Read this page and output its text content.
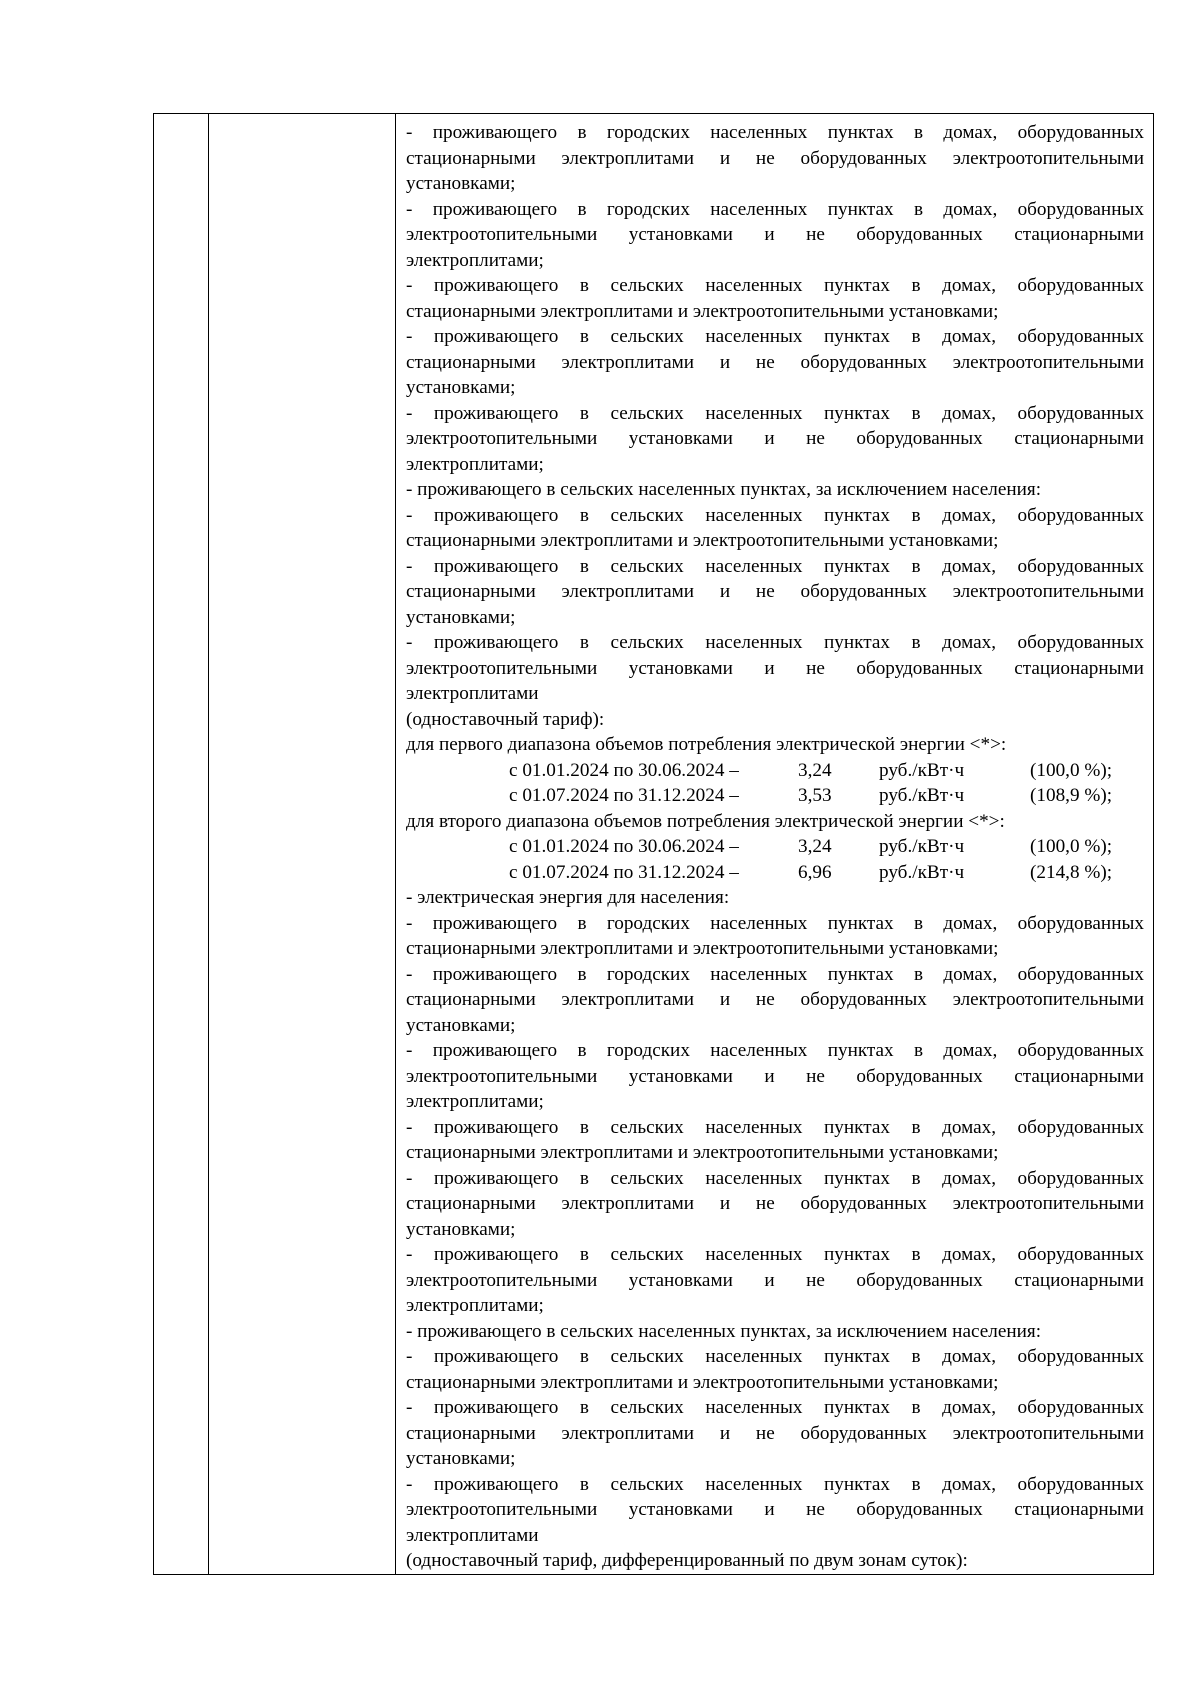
- проживающего в городских населенных пунктах в домах, оборудованных
стационарными электроплитами и не оборудованных электроотопительными
установками;
- проживающего в городских населенных пунктах в домах, оборудованных
электроотопительными установками и не оборудованных стационарными
электроплитами;
- проживающего в сельских населенных пунктах в домах, оборудованных
стационарными электроплитами и электроотопительными установками;
- проживающего в сельских населенных пунктах в домах, оборудованных
стационарными электроплитами и не оборудованных электроотопительными
установками;
- проживающего в сельских населенных пунктах в домах, оборудованных
электроотопительными установками и не оборудованных стационарными
электроплитами;
- проживающего в сельских населенных пунктах, за исключением населения:
- проживающего в сельских населенных пунктах в домах, оборудованных
стационарными электроплитами и электроотопительными установками;
- проживающего в сельских населенных пунктах в домах, оборудованных
стационарными электроплитами и не оборудованных электроотопительными
установками;
- проживающего в сельских населенных пунктах в домах, оборудованных
электроотопительными установками и не оборудованных стационарными
электроплитами
(одноставочный тариф):
для первого диапазона объемов потребления электрической энергии <*>:
с 01.01.2024 по 30.06.2024 –	3,24	руб./кВт·ч	(100,0 %);
с 01.07.2024 по 31.12.2024 –	3,53	руб./кВт·ч	(108,9 %);
для второго диапазона объемов потребления электрической энергии <*>:
с 01.01.2024 по 30.06.2024 –	3,24	руб./кВт·ч	(100,0 %);
с 01.07.2024 по 31.12.2024 –	6,96	руб./кВт·ч	(214,8 %);
- электрическая энергия для населения:
- проживающего в городских населенных пунктах в домах, оборудованных
стационарными электроплитами и электроотопительными установками;
- проживающего в городских населенных пунктах в домах, оборудованных
стационарными электроплитами и не оборудованных электроотопительными
установками;
- проживающего в городских населенных пунктах в домах, оборудованных
электроотопительными установками и не оборудованных стационарными
электроплитами;
- проживающего в сельских населенных пунктах в домах, оборудованных
стационарными электроплитами и электроотопительными установками;
- проживающего в сельских населенных пунктах в домах, оборудованных
стационарными электроплитами и не оборудованных электроотопительными
установками;
- проживающего в сельских населенных пунктах в домах, оборудованных
электроотопительными установками и не оборудованных стационарными
электроплитами;
- проживающего в сельских населенных пунктах, за исключением населения:
- проживающего в сельских населенных пунктах в домах, оборудованных
стационарными электроплитами и электроотопительными установками;
- проживающего в сельских населенных пунктах в домах, оборудованных
стационарными электроплитами и не оборудованных электроотопительными
установками;
- проживающего в сельских населенных пунктах в домах, оборудованных
электроотопительными установками и не оборудованных стационарными
электроплитами
(одноставочный тариф, дифференцированный по двум зонам суток):
